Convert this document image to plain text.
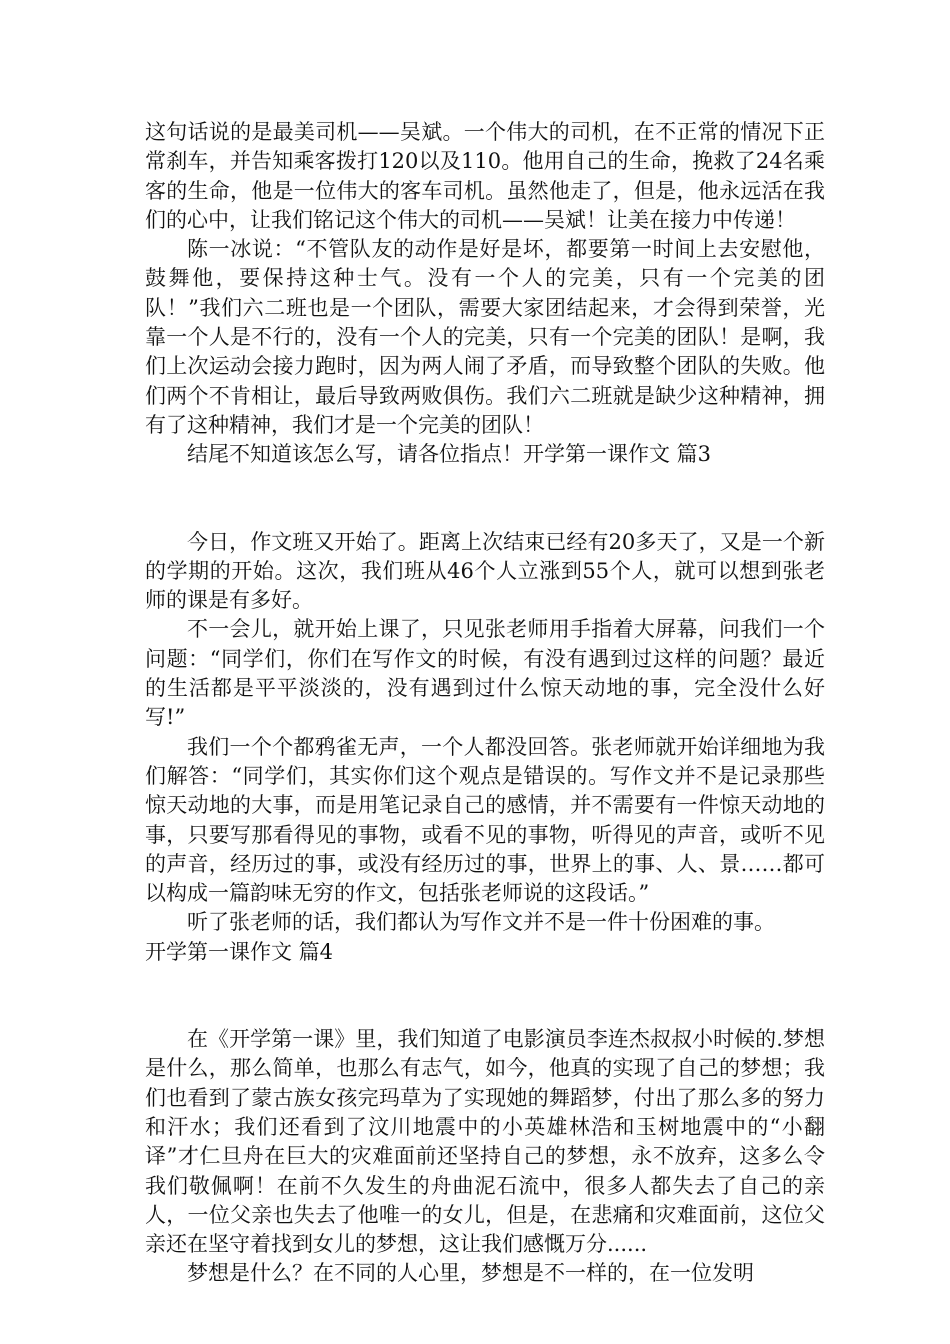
这句话说的是最美司机——吴斌。一个伟大的司机，在不正常的情况下正常刹车，并告知乘客拨打120以及110。他用自己的生命，挽救了24名乘客的生命，他是一位伟大的客车司机。虽然他走了，但是，他永远活在我们的心中，让我们铭记这个伟大的司机——吴斌！让美在接力中传递！

陈一冰说：“不管队友的动作是好是坏，都要第一时间上去安慰他，鼓舞他，要保持这种士气。没有一个人的完美，只有一个完美的团队！”我们六二班也是一个团队，需要大家团结起来，才会得到荣誉，光靠一个人是不行的，没有一个人的完美，只有一个完美的团队！是啊，我们上次运动会接力跑时，因为两人闹了矛盾，而导致整个团队的失败。他们两个不肯相让，最后导致两败俱伤。我们六二班就是缺少这种精神，拥有了这种精神，我们才是一个完美的团队！

结尾不知道该怎么写，请各位指点！开学第一课作文 篇3

今日，作文班又开始了。距离上次结束已经有20多天了，又是一个新的学期的开始。这次，我们班从46个人立涨到55个人，就可以想到张老师的课是有多好。

不一会儿，就开始上课了，只见张老师用手指着大屏幕，问我们一个问题：“同学们，你们在写作文的时候，有没有遇到过这样的问题？最近的生活都是平平淡淡的，没有遇到过什么惊天动地的事，完全没什么好写!”

我们一个个都鸦雀无声，一个人都没回答。张老师就开始详细地为我们解答：“同学们，其实你们这个观点是错误的。写作文并不是记录那些惊天动地的大事，而是用笔记录自己的感情，并不需要有一件惊天动地的事，只要写那看得见的事物，或看不见的事物，听得见的声音，或听不见的声音，经历过的事，或没有经历过的事，世界上的事、人、景……都可以构成一篇韵味无穷的作文，包括张老师说的这段话。”

听了张老师的话，我们都认为写作文并不是一件十份困难的事。

开学第一课作文 篇4

在《开学第一课》里，我们知道了电影演员李连杰叔叔小时候的.梦想是什么，那么简单，也那么有志气，如今，他真的实现了自己的梦想；我们也看到了蒙古族女孩完玛草为了实现她的舞蹈梦，付出了那么多的努力和汗水；我们还看到了汶川地震中的小英雄林浩和玉树地震中的“小翻译”才仁旦舟在巨大的灾难面前还坚持自己的梦想，永不放弃，这多么令我们敬佩啊！在前不久发生的舟曲泥石流中，很多人都失去了自己的亲人，一位父亲也失去了他唯一的女儿，但是，在悲痛和灾难面前，这位父亲还在坚守着找到女儿的梦想，这让我们感慨万分......

梦想是什么？在不同的人心里，梦想是不一样的，在一位发明
